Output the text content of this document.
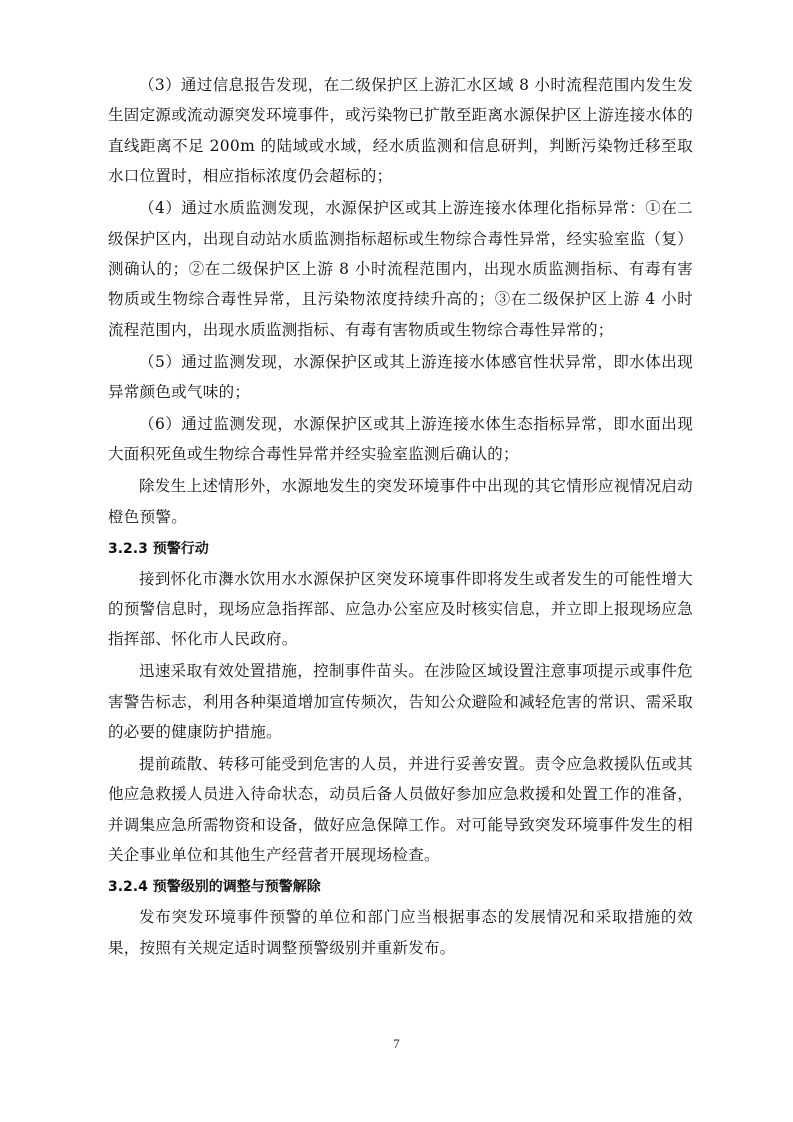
（3）通过信息报告发现，在二级保护区上游汇水区域 8 小时流程范围内发生发生固定源或流动源突发环境事件，或污染物已扩散至距离水源保护区上游连接水体的直线距离不足 200m 的陆域或水域，经水质监测和信息研判，判断污染物迁移至取水口位置时，相应指标浓度仍会超标的；

（4）通过水质监测发现，水源保护区或其上游连接水体理化指标异常：①在二级保护区内，出现自动站水质监测指标超标或生物综合毒性异常，经实验室监（复）测确认的；②在二级保护区上游 8 小时流程范围内，出现水质监测指标、有毒有害物质或生物综合毒性异常，且污染物浓度持续升高的；③在二级保护区上游 4 小时流程范围内，出现水质监测指标、有毒有害物质或生物综合毒性异常的；

（5）通过监测发现，水源保护区或其上游连接水体感官性状异常，即水体出现异常颜色或气味的；

（6）通过监测发现，水源保护区或其上游连接水体生态指标异常，即水面出现大面积死鱼或生物综合毒性异常并经实验室监测后确认的；

除发生上述情形外，水源地发生的突发环境事件中出现的其它情形应视情况启动橙色预警。

3.2.3 预警行动

接到怀化市㵲水饮用水水源保护区突发环境事件即将发生或者发生的可能性增大的预警信息时，现场应急指挥部、应急办公室应及时核实信息，并立即上报现场应急指挥部、怀化市人民政府。

迅速采取有效处置措施，控制事件苗头。在涉险区域设置注意事项提示或事件危害警告标志，利用各种渠道增加宣传频次，告知公众避险和减轻危害的常识、需采取的必要的健康防护措施。

提前疏散、转移可能受到危害的人员，并进行妥善安置。责令应急救援队伍或其他应急救援人员进入待命状态，动员后备人员做好参加应急救援和处置工作的准备，并调集应急所需物资和设备，做好应急保障工作。对可能导致突发环境事件发生的相关企事业单位和其他生产经营者开展现场检查。

3.2.4 预警级别的调整与预警解除

发布突发环境事件预警的单位和部门应当根据事态的发展情况和采取措施的效果，按照有关规定适时调整预警级别并重新发布。

7
